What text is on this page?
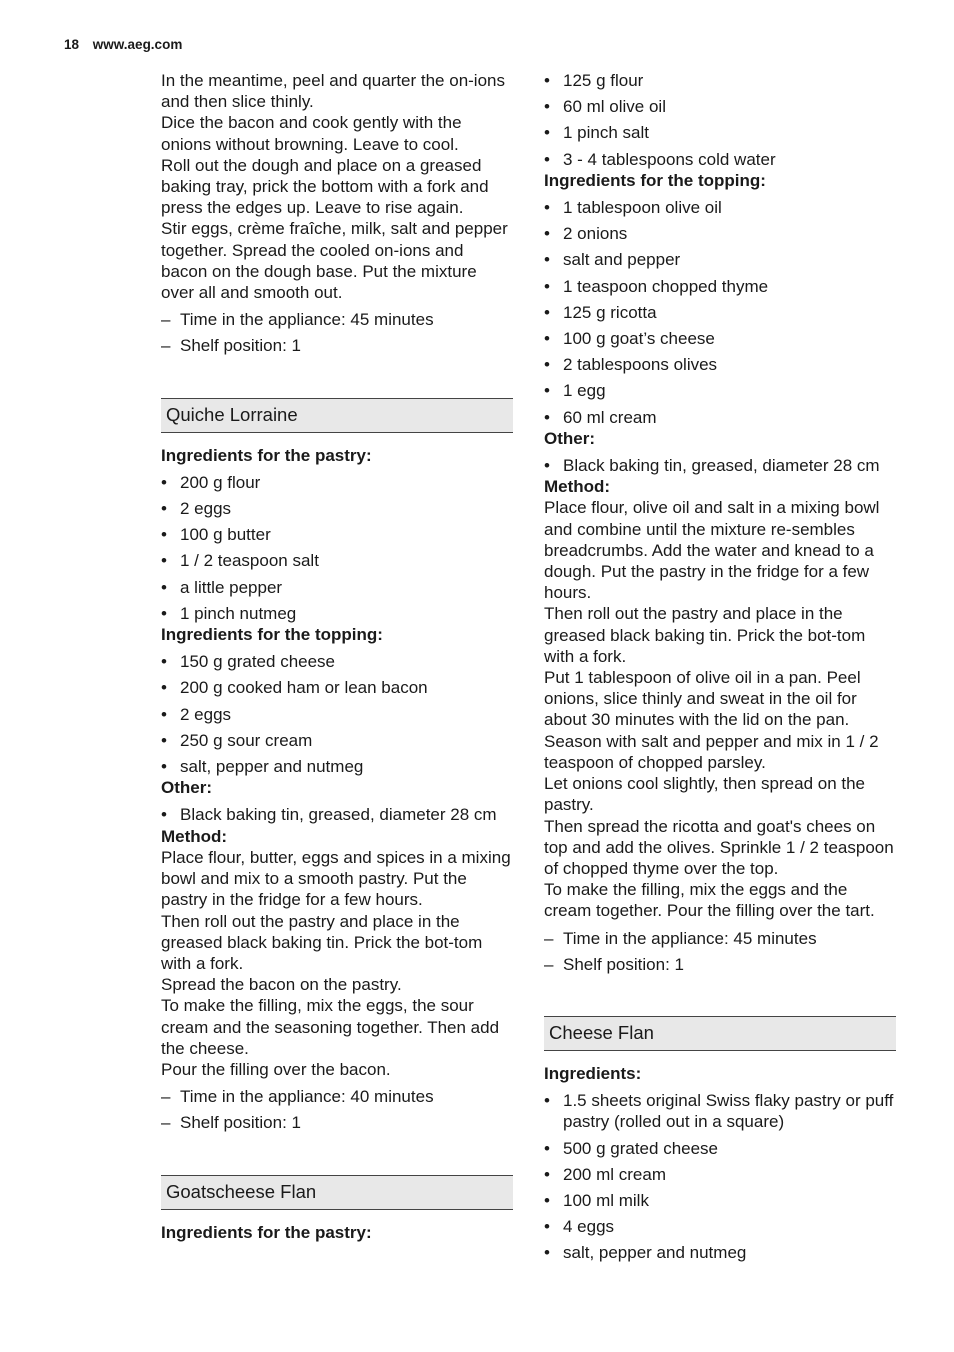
18 www.aeg.com

In the meantime, peel and quarter the on-ions and then slice thinly.

Dice the bacon and cook gently with the onions without browning. Leave to cool.

Roll out the dough and place on a greased baking tray, prick the bottom with a fork and press the edges up. Leave to rise again.

Stir eggs, crème fraîche, milk, salt and pepper together. Spread the cooled on-ions and bacon on the dough base. Put the mixture over all and smooth out.

– Time in the appliance: 45 minutes
– Shelf position: 1
Quiche Lorraine
Ingredients for the pastry:
• 200 g flour
• 2 eggs
• 100 g butter
• 1 / 2 teaspoon salt
• a little pepper
• 1 pinch nutmeg
Ingredients for the topping:
• 150 g grated cheese
• 200 g cooked ham or lean bacon
• 2 eggs
• 250 g sour cream
• salt, pepper and nutmeg
Other:
• Black baking tin, greased, diameter 28 cm
Method:

Place flour, butter, eggs and spices in a mixing bowl and mix to a smooth pastry. Put the pastry in the fridge for a few hours.

Then roll out the pastry and place in the greased black baking tin. Prick the bot-tom with a fork.

Spread the bacon on the pastry.

To make the filling, mix the eggs, the sour cream and the seasoning together. Then add the cheese.

Pour the filling over the bacon.

– Time in the appliance: 40 minutes
– Shelf position: 1
Goatscheese Flan
Ingredients for the pastry:
• 125 g flour
• 60 ml olive oil
• 1 pinch salt
• 3 - 4 tablespoons cold water
Ingredients for the topping:
• 1 tablespoon olive oil
• 2 onions
• salt and pepper
• 1 teaspoon chopped thyme
• 125 g ricotta
• 100 g goat’s cheese
• 2 tablespoons olives
• 1 egg
• 60 ml cream
Other:
• Black baking tin, greased, diameter 28 cm
Method:

Place flour, olive oil and salt in a mixing bowl and combine until the mixture re-sembles breadcrumbs. Add the water and knead to a dough. Put the pastry in the fridge for a few hours.

Then roll out the pastry and place in the greased black baking tin. Prick the bot-tom with a fork.

Put 1 tablespoon of olive oil in a pan. Peel onions, slice thinly and sweat in the oil for about 30 minutes with the lid on the pan. Season with salt and pepper and mix in 1 / 2 teaspoon of chopped parsley.

Let onions cool slightly, then spread on the pastry.

Then spread the ricotta and goat's chees on top and add the olives. Sprinkle 1 / 2 teaspoon of chopped thyme over the top.

To make the filling, mix the eggs and the cream together. Pour the filling over the tart.

– Time in the appliance: 45 minutes
– Shelf position: 1
Cheese Flan
Ingredients:
• 1.5 sheets original Swiss flaky pastry or puff pastry (rolled out in a square)
• 500 g grated cheese
• 200 ml cream
• 100 ml milk
• 4 eggs
• salt, pepper and nutmeg
